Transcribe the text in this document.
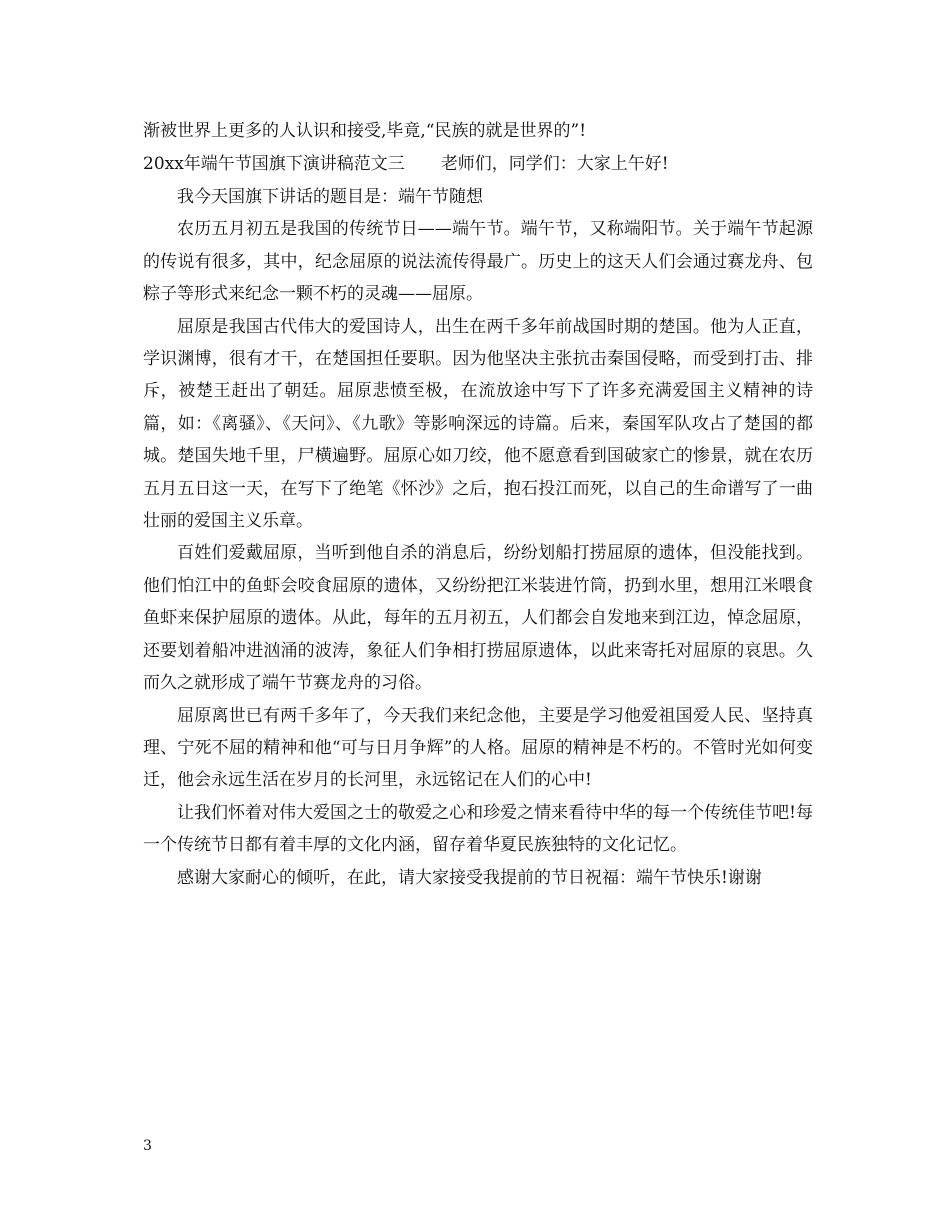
渐被世界上更多的人认识和接受,毕竟,“民族的就是世界的”!

20xx年端午节国旗下演讲稿范文三 老师们，同学们：大家上午好!

我今天国旗下讲话的题目是：端午节随想

农历五月初五是我国的传统节日——端午节。端午节，又称端阳节。关于端午节起源的传说有很多，其中，纪念屈原的说法流传得最广。历史上的这天人们会通过赛龙舟、包粽子等形式来纪念一颗不朽的灵魂——屈原。

屈原是我国古代伟大的爱国诗人，出生在两千多年前战国时期的楚国。他为人正直，学识渊博，很有才干，在楚国担任要职。因为他坚决主张抗击秦国侵略，而受到打击、排斥，被楚王赶出了朝廷。屈原悲愤至极，在流放途中写下了许多充满爱国主义精神的诗篇，如：《离骚》、《天问》、《九歌》等影响深远的诗篇。后来，秦国军队攻占了楚国的都城。楚国失地千里，尸横遍野。屈原心如刀绞，他不愿意看到国破家亡的惨景，就在农历五月五日这一天，在写下了绝笔《怀沙》之后，抱石投江而死，以自己的生命谱写了一曲壮丽的爱国主义乐章。

百姓们爱戴屈原，当听到他自杀的消息后，纷纷划船打捞屈原的遗体，但没能找到。他们怕江中的鱼虾会咬食屈原的遗体，又纷纷把江米装进竹筒，扔到水里，想用江米喂食鱼虾来保护屈原的遗体。从此，每年的五月初五，人们都会自发地来到江边，悼念屈原，还要划着船冲进汹涌的波涛，象征人们争相打捞屈原遗体，以此来寄托对屈原的哀思。久而久之就形成了端午节赛龙舟的习俗。

屈原离世已有两千多年了，今天我们来纪念他，主要是学习他爱祖国爱人民、坚持真理、宁死不屈的精神和他“可与日月争辉”的人格。屈原的精神是不朽的。不管时光如何变迁，他会永远生活在岁月的长河里，永远铭记在人们的心中!

让我们怀着对伟大爱国之士的敬爱之心和珍爱之情来看待中华的每一个传统佳节吧!每一个传统节日都有着丰厚的文化内涵，留存着华夏民族独特的文化记忆。

感谢大家耐心的倾听，在此，请大家接受我提前的节日祝福：端午节快乐!谢谢

3
